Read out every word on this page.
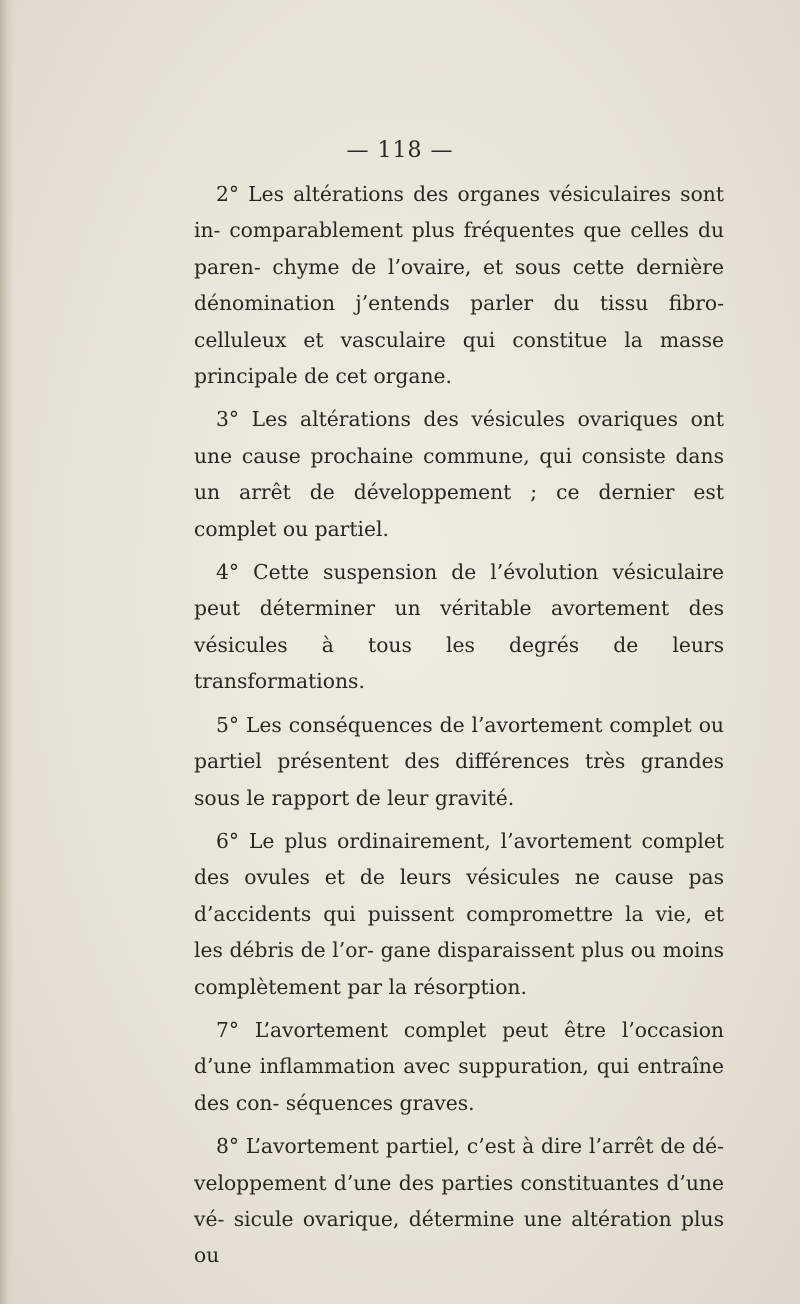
— 118 —

2° Les altérations des organes vésiculaires sont in- comparablement plus fréquentes que celles du paren- chyme de l’ovaire, et sous cette dernière dénomination j’entends parler du tissu fibro-celluleux et vasculaire qui constitue la masse principale de cet organe.

3° Les altérations des vésicules ovariques ont une cause prochaine commune, qui consiste dans un arrêt de développement ; ce dernier est complet ou partiel.

4° Cette suspension de l’évolution vésiculaire peut déterminer un véritable avortement des vésicules à tous les degrés de leurs transformations.

5° Les conséquences de l’avortement complet ou partiel présentent des différences très grandes sous le rapport de leur gravité.

6° Le plus ordinairement, l’avortement complet des ovules et de leurs vésicules ne cause pas d’accidents qui puissent compromettre la vie, et les débris de l’or- gane disparaissent plus ou moins complètement par la résorption.

7° L’avortement complet peut être l’occasion d’une inflammation avec suppuration, qui entraîne des con- séquences graves.

8° L’avortement partiel, c’est à dire l’arrêt de dé- veloppement d’une des parties constituantes d’une vé- sicule ovarique, détermine une altération plus ou
